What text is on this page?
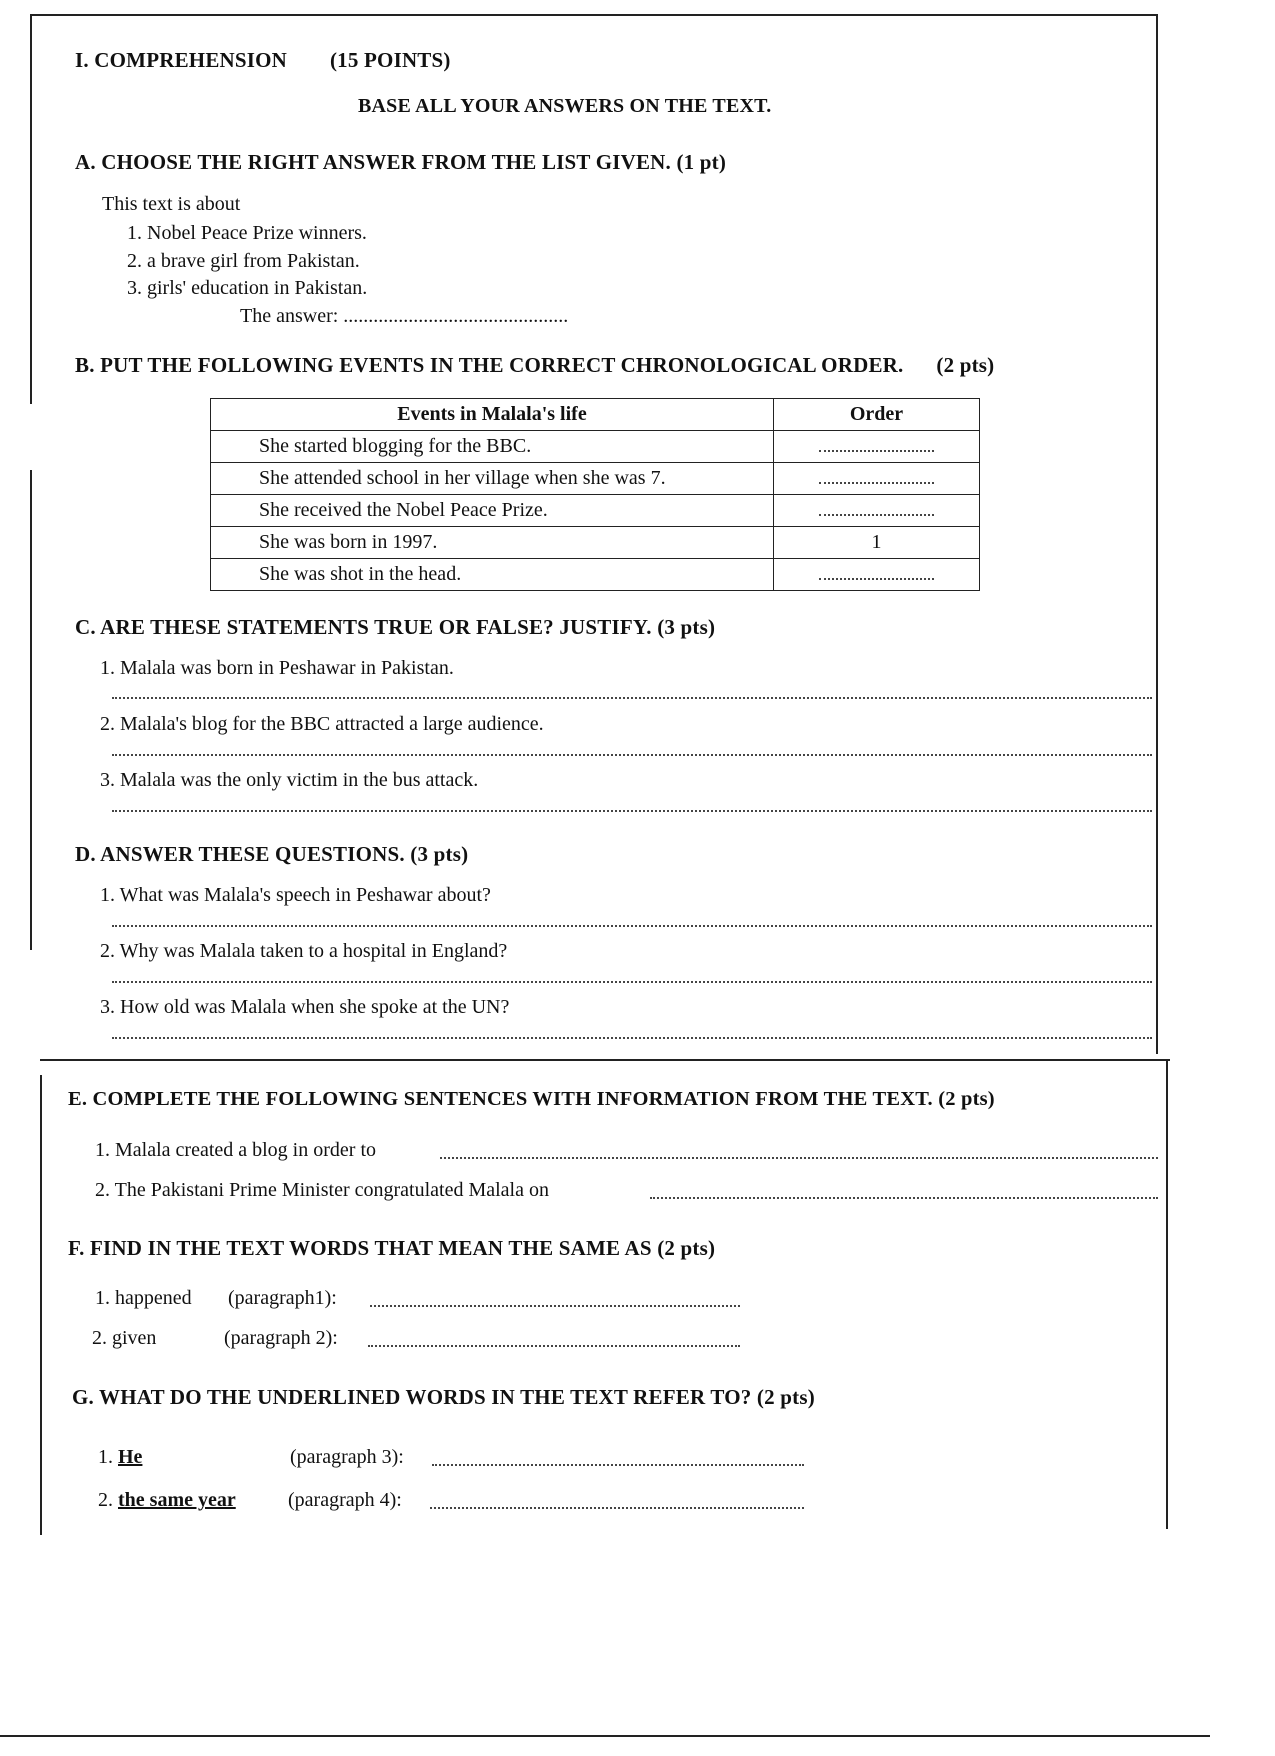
I. COMPREHENSION (15 POINTS)
BASE ALL YOUR ANSWERS ON THE TEXT.
A. CHOOSE THE RIGHT ANSWER FROM THE LIST GIVEN. (1 pt)
This text is about
1. Nobel Peace Prize winners.
2. a brave girl from Pakistan.
3. girls' education in Pakistan.
The answer: .............................................
B. PUT THE FOLLOWING EVENTS IN THE CORRECT CHRONOLOGICAL ORDER. (2 pts)
Events in Malala's life	Order
She started blogging for the BBC.	
She attended school in her village when she was 7.	
She received the Nobel Peace Prize.	
She was born in 1997.	1
She was shot in the head.	
C. ARE THESE STATEMENTS TRUE OR FALSE? JUSTIFY. (3 pts)
1. Malala was born in Peshawar in Pakistan.
2. Malala's blog for the BBC attracted a large audience.
3. Malala was the only victim in the bus attack.
D. ANSWER THESE QUESTIONS. (3 pts)
1. What was Malala's speech in Peshawar about?
2. Why was Malala taken to a hospital in England?
3. How old was Malala when she spoke at the UN?
E. COMPLETE THE FOLLOWING SENTENCES WITH INFORMATION FROM THE TEXT. (2 pts)
1. Malala created a blog in order to
2. The Pakistani Prime Minister congratulated Malala on
F. FIND IN THE TEXT WORDS THAT MEAN THE SAME AS (2 pts)
1. happened (paragraph1):
2. given	(paragraph 2):
G. WHAT DO THE UNDERLINED WORDS IN THE TEXT REFER TO? (2 pts)
1. He	(paragraph 3):
2. the same year	(paragraph 4):
